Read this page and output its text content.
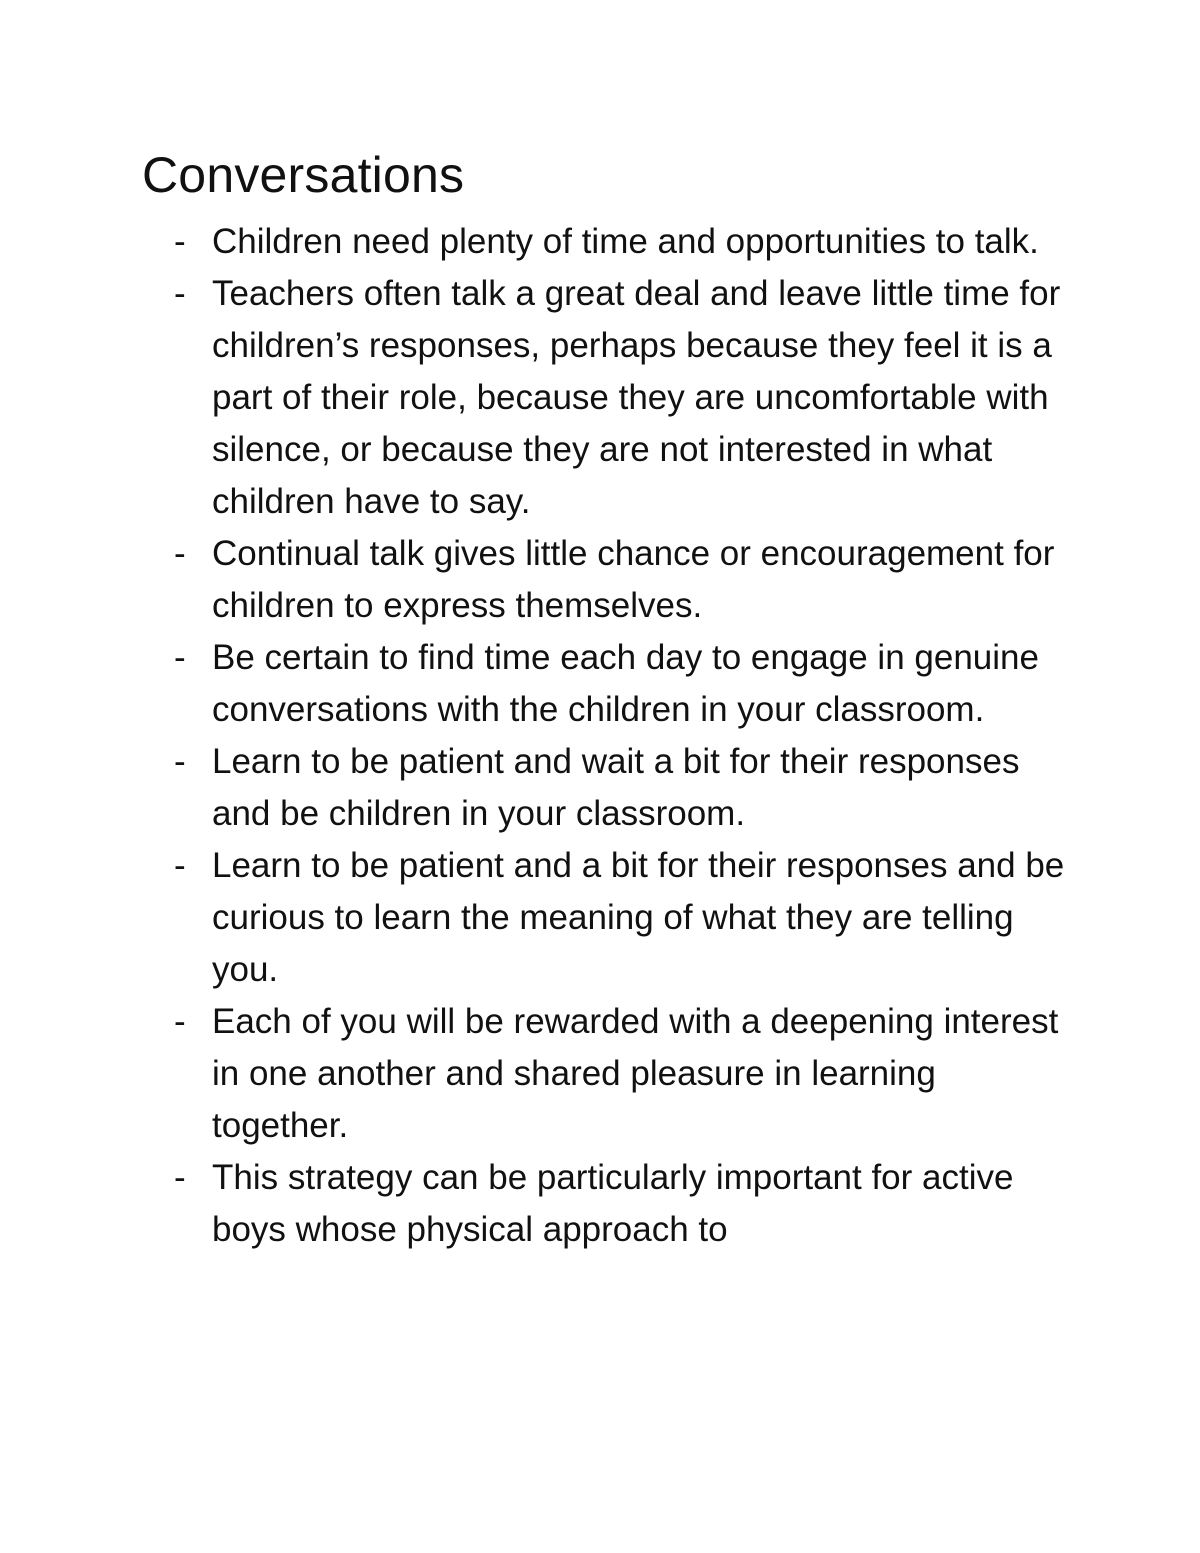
Conversations
- Children need plenty of time and opportunities to talk.
- Teachers often talk a great deal and leave little time for children’s responses, perhaps because they feel it is a part of their role, because they are uncomfortable with silence, or because they are not interested in what children have to say.
- Continual talk gives little chance or encouragement for children to express themselves.
- Be certain to find time each day to engage in genuine conversations with the children in your classroom.
- Learn to be patient and wait a bit for their responses and be children in your classroom.
- Learn to be patient and a bit for their responses and be curious to learn the meaning of what they are telling you.
- Each of you will be rewarded with a deepening interest in one another and shared pleasure in learning together.
- This strategy can be particularly important for active boys whose physical approach to
